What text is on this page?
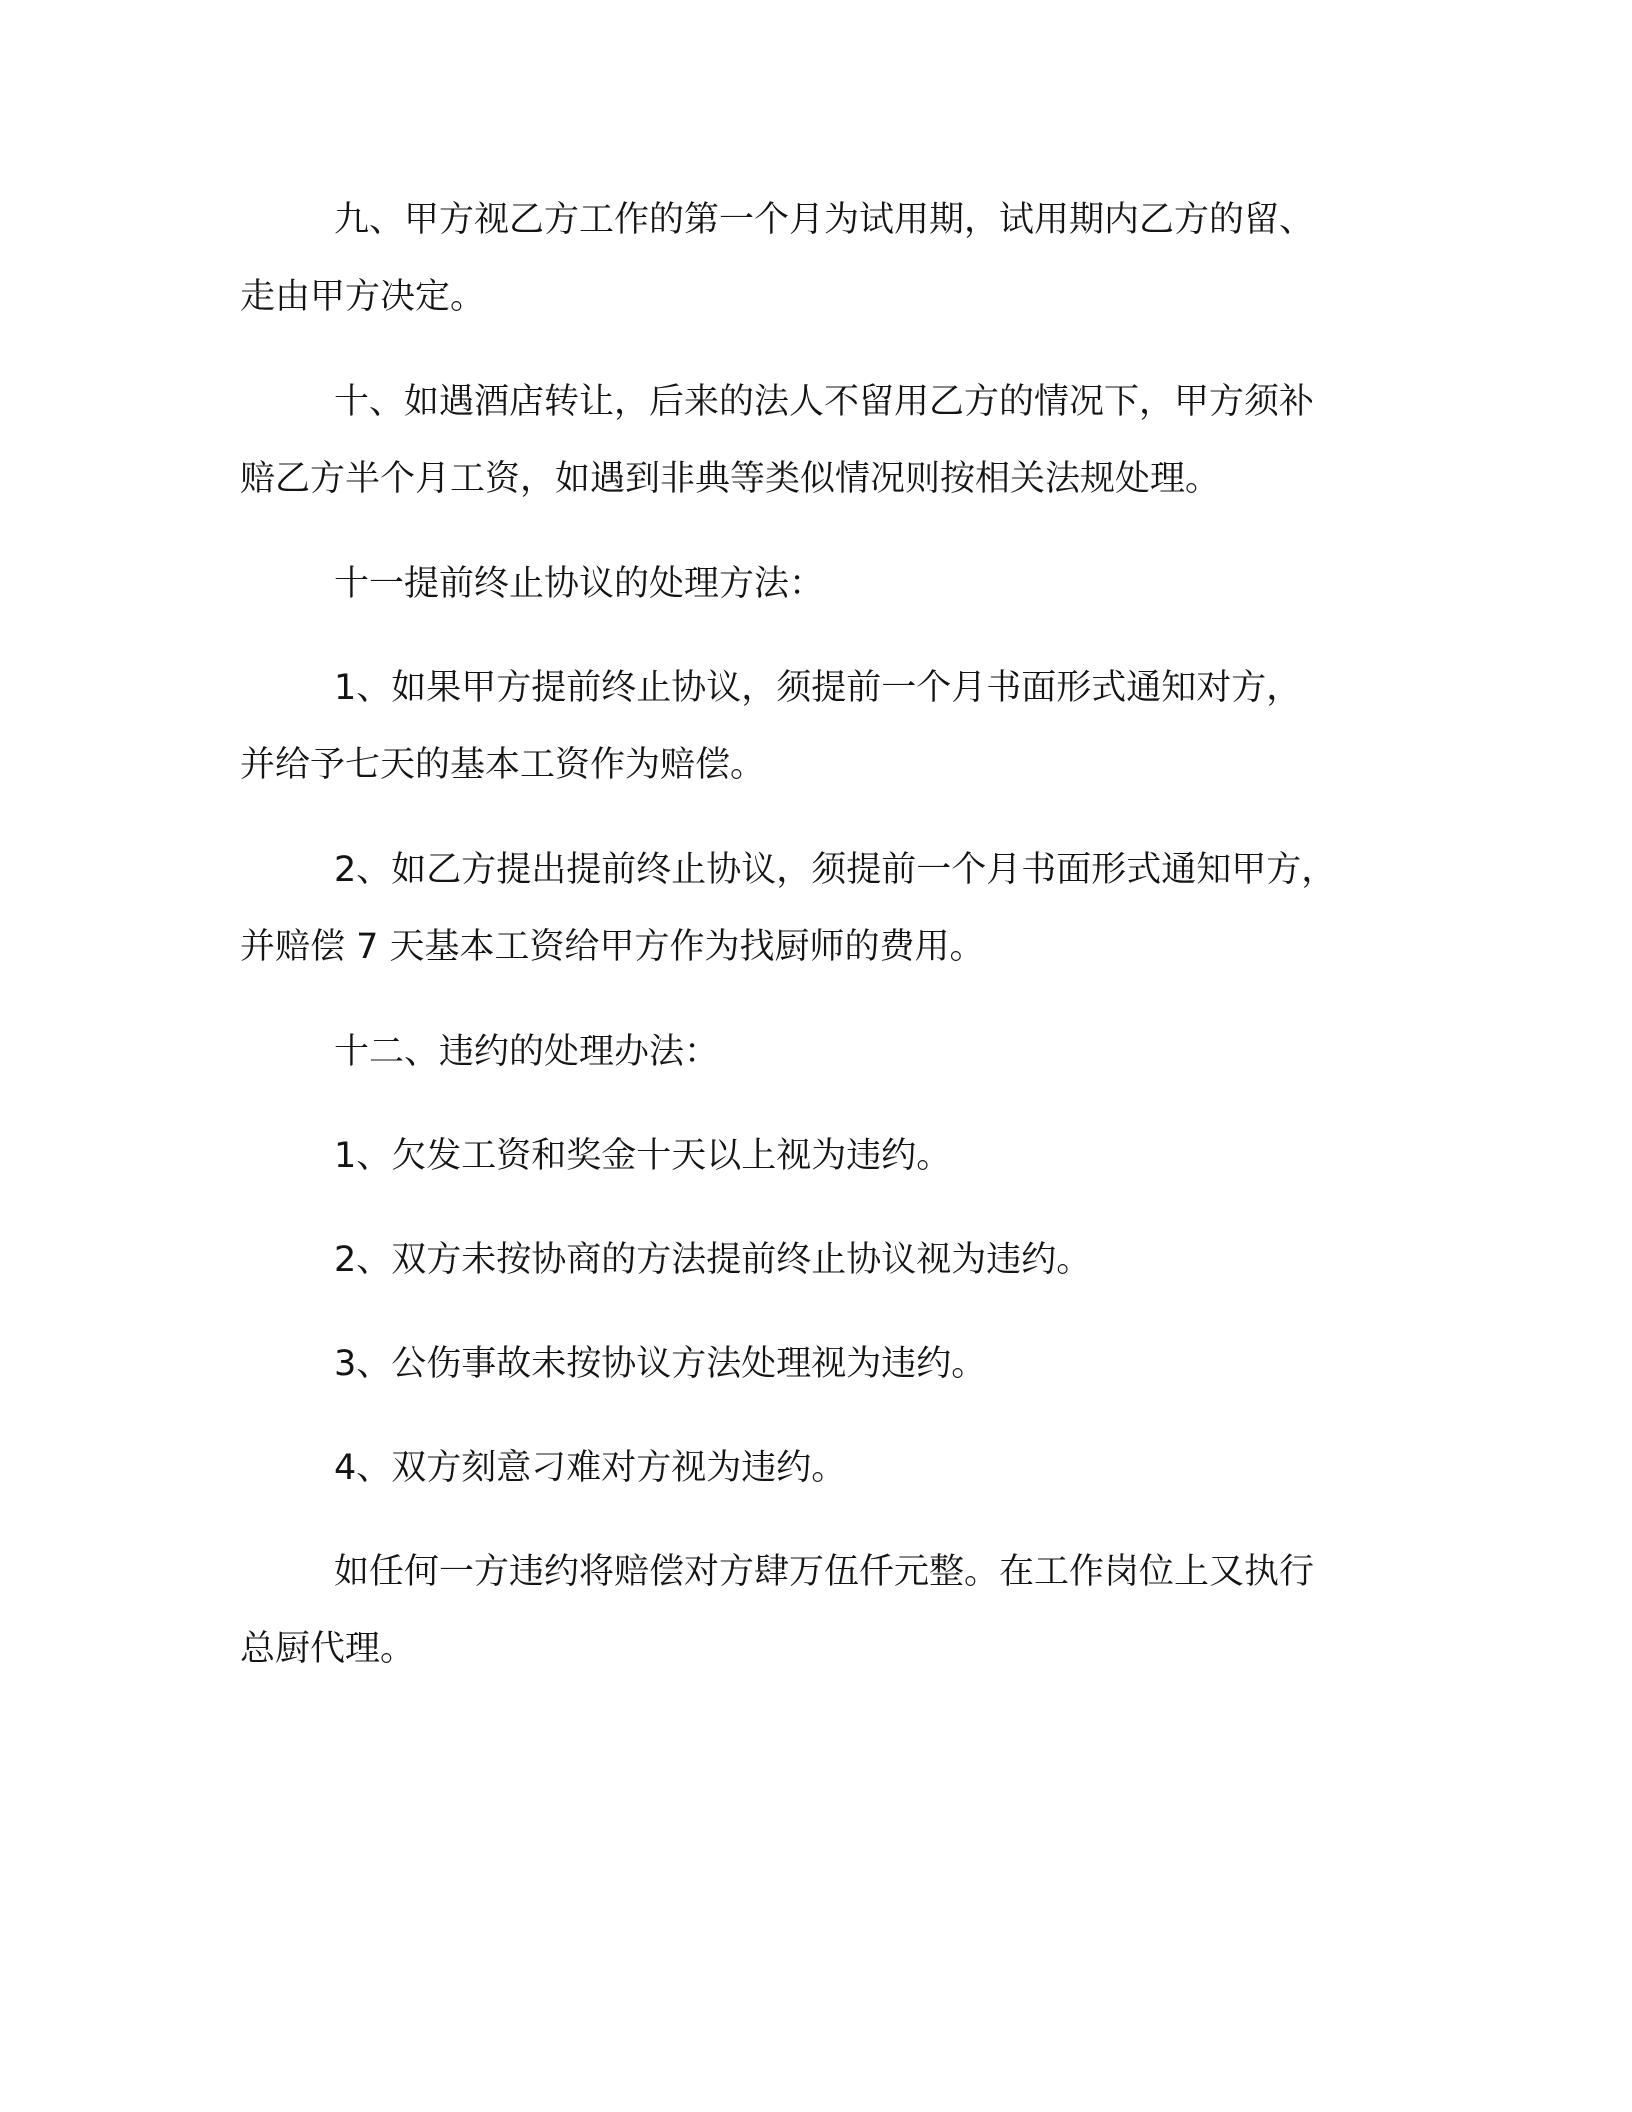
九、甲方视乙方工作的第一个月为试用期，试用期内乙方的留、
走由甲方决定。

十、如遇酒店转让，后来的法人不留用乙方的情况下，甲方须补
赔乙方半个月工资，如遇到非典等类似情况则按相关法规处理。

十一提前终止协议的处理方法：

1、如果甲方提前终止协议，须提前一个月书面形式通知对方，
并给予七天的基本工资作为赔偿。

2、如乙方提出提前终止协议，须提前一个月书面形式通知甲方，
并赔偿 7 天基本工资给甲方作为找厨师的费用。

十二、违约的处理办法：

1、欠发工资和奖金十天以上视为违约。

2、双方未按协商的方法提前终止协议视为违约。

3、公伤事故未按协议方法处理视为违约。

4、双方刻意刁难对方视为违约。

如任何一方违约将赔偿对方肆万伍仟元整。在工作岗位上又执行
总厨代理。
